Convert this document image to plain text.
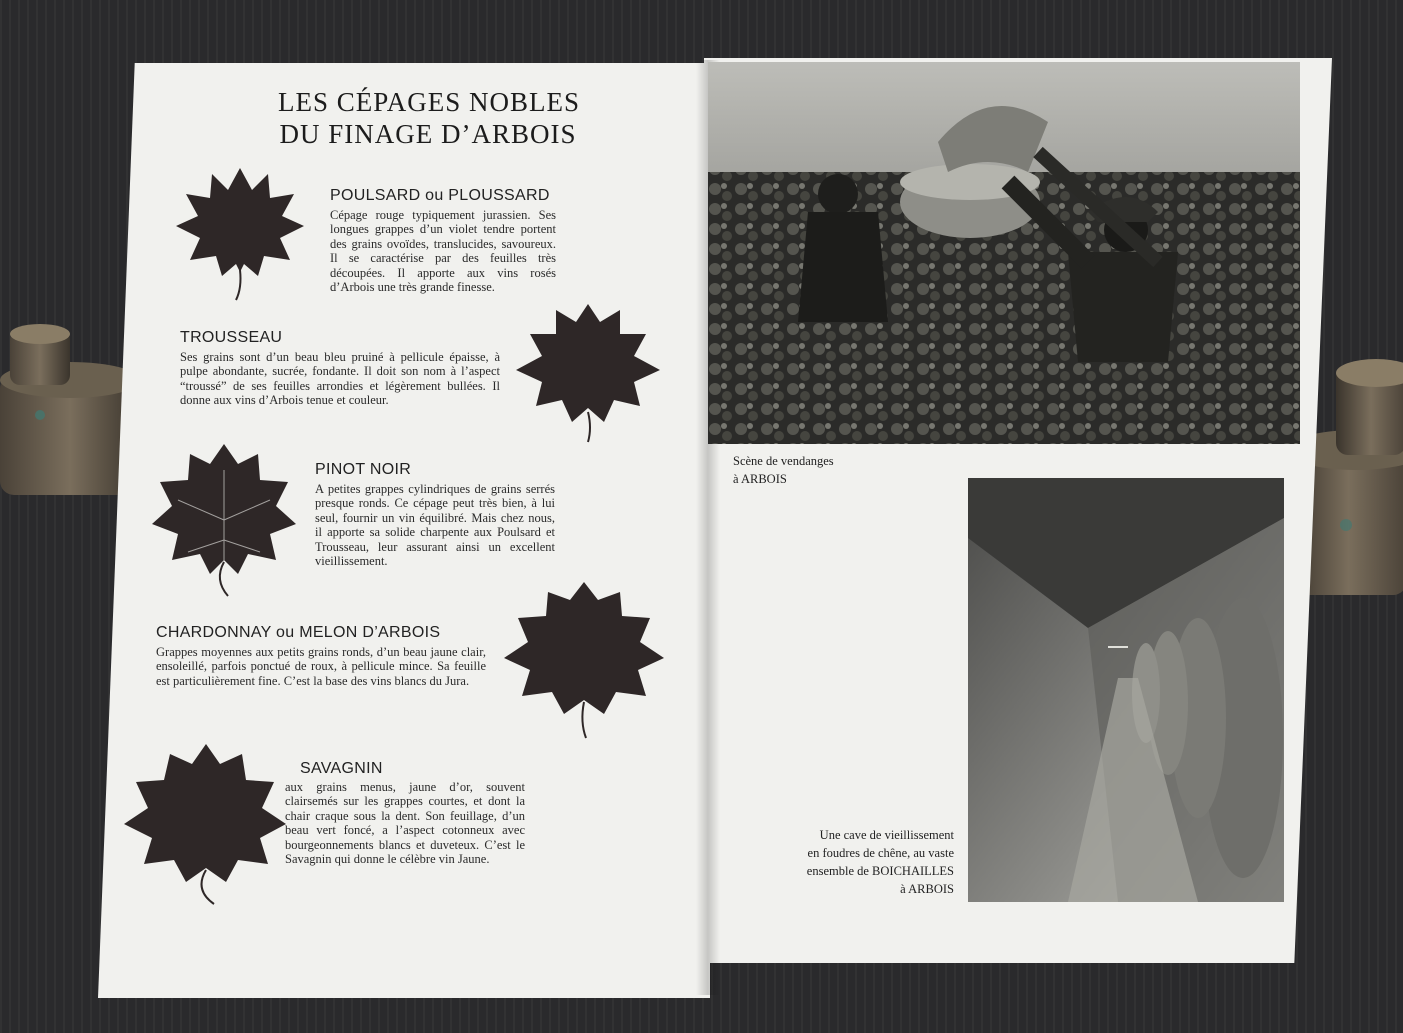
LES CÉPAGES NOBLES
DU FINAGE D’ARBOIS
POULSARD ou PLOUSSARD
Cépage rouge typiquement jurassien. Ses longues grappes d’un violet tendre portent des grains ovoïdes, translucides, savoureux. Il se caractérise par des feuilles très découpées. Il apporte aux vins rosés d’Arbois une très grande finesse.
TROUSSEAU
Ses grains sont d’un beau bleu pruiné à pellicule épaisse, à pulpe abondante, sucrée, fondante. Il doit son nom à l’aspect “troussé” de ses feuilles arrondies et légèrement bullées. Il donne aux vins d’Arbois tenue et couleur.
PINOT NOIR
A petites grappes cylindriques de grains serrés presque ronds. Ce cépage peut très bien, à lui seul, fournir un vin équilibré. Mais chez nous, il apporte sa solide charpente aux Poulsard et Trousseau, leur assurant ainsi un excellent vieillissement.
CHARDONNAY ou MELON D’ARBOIS
Grappes moyennes aux petits grains ronds, d’un beau jaune clair, ensoleillé, parfois ponctué de roux, à pellicule mince. Sa feuille est particulièrement fine. C’est la base des vins blancs du Jura.
SAVAGNIN
aux grains menus, jaune d’or, souvent clairsemés sur les grappes courtes, et dont la chair craque sous la dent. Son feuillage, d’un beau vert foncé, a l’aspect cotonneux avec bourgeonnements blancs et duveteux. C’est le Savagnin qui donne le célèbre vin Jaune.
Scène de vendanges
à ARBOIS
Une cave de vieillissement
en foudres de chêne, au vaste
ensemble de BOICHAILLES
à ARBOIS
